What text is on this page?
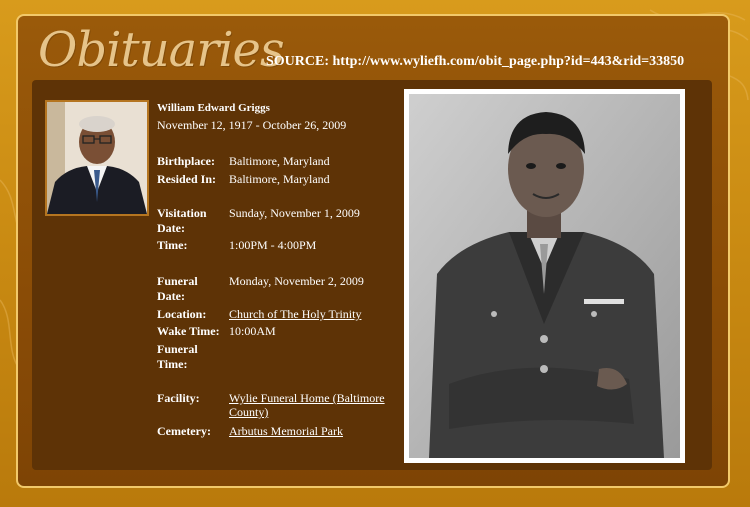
Obituaries
SOURCE: http://www.wyliefh.com/obit_page.php?id=443&rid=33850
William Edward Griggs
November 12, 1917 - October 26, 2009
Birthplace:	Baltimore, Maryland
Resided In:	Baltimore, Maryland
Visitation Date:
Sunday, November 1, 2009
Time:	1:00PM - 4:00PM
Funeral Date:
Monday, November 2, 2009
Location:	Church of The Holy Trinity
Wake Time: 10:00AM
Funeral Time:
Facility:	Wylie Funeral Home (Baltimore County)
Cemetery:	Arbutus Memorial Park
